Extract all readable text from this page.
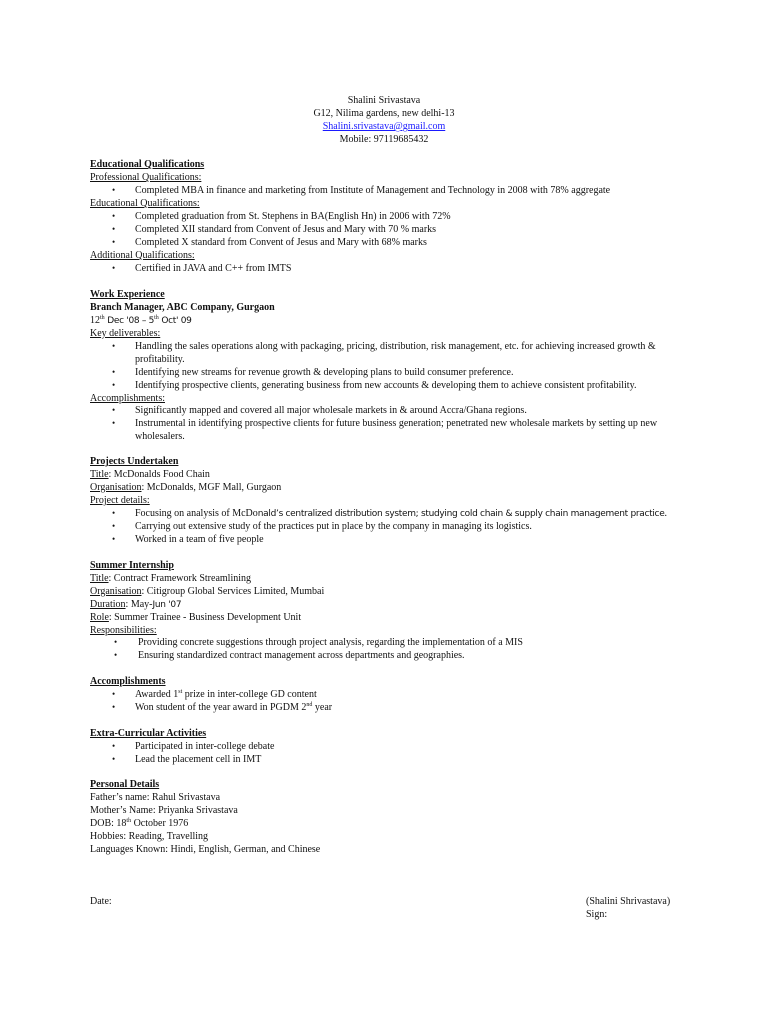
Shalini Srivastava
G12, Nilima gardens, new delhi-13
Shalini.srivastava@gmail.com
Mobile: 97119685432
Educational Qualifications
Professional Qualifications:
• Completed MBA in finance and marketing from Institute of Management and Technology in 2008 with 78% aggregate
Educational Qualifications:
• Completed graduation from St. Stephens in BA(English Hn) in 2006 with 72%
• Completed XII standard from Convent of Jesus and Mary with 70 % marks
• Completed X standard from Convent of Jesus and Mary with 68% marks
Additional Qualifications:
• Certified in JAVA and C++ from IMTS
Work Experience
Branch Manager, ABC Company, Gurgaon
12th Dec '08 – 5th Oct' 09
Key deliverables:
• Handling the sales operations along with packaging, pricing, distribution, risk management, etc. for achieving increased growth &
profitability.
• Identifying new streams for revenue growth & developing plans to build consumer preference.
• Identifying prospective clients, generating business from new accounts & developing them to achieve consistent profitability.
Accomplishments:
• Significantly mapped and covered all major wholesale markets in & around Accra/Ghana regions.
• Instrumental in identifying prospective clients for future business generation; penetrated new wholesale markets by setting up new
wholesalers.
Projects Undertaken
Title: McDonalds Food Chain
Organisation: McDonalds, MGF Mall, Gurgaon
Project details:
• Focusing on analysis of McDonald’s centralized distribution system; studying cold chain & supply chain management practice.
• Carrying out extensive study of the practices put in place by the company in managing its logistics.
• Worked in a team of five people
Summer Internship
Title: Contract Framework Streamlining
Organisation: Citigroup Global Services Limited, Mumbai
Duration: May-Jun '07
Role: Summer Trainee - Business Development Unit
Responsibilities:
• Providing concrete suggestions through project analysis, regarding the implementation of a MIS
• Ensuring standardized contract management across departments and geographies.
Accomplishments
• Awarded 1st prize in inter-college GD content
• Won student of the year award in PGDM 2nd year
Extra-Curricular Activities
• Participated in inter-college debate
• Lead the placement cell in IMT
Personal Details
Father’s name: Rahul Srivastava
Mother’s Name: Priyanka Srivastava
DOB: 18th October 1976
Hobbies: Reading, Travelling
Languages Known: Hindi, English, German, and Chinese
Date:	(Shalini Shrivastava)
Sign:
